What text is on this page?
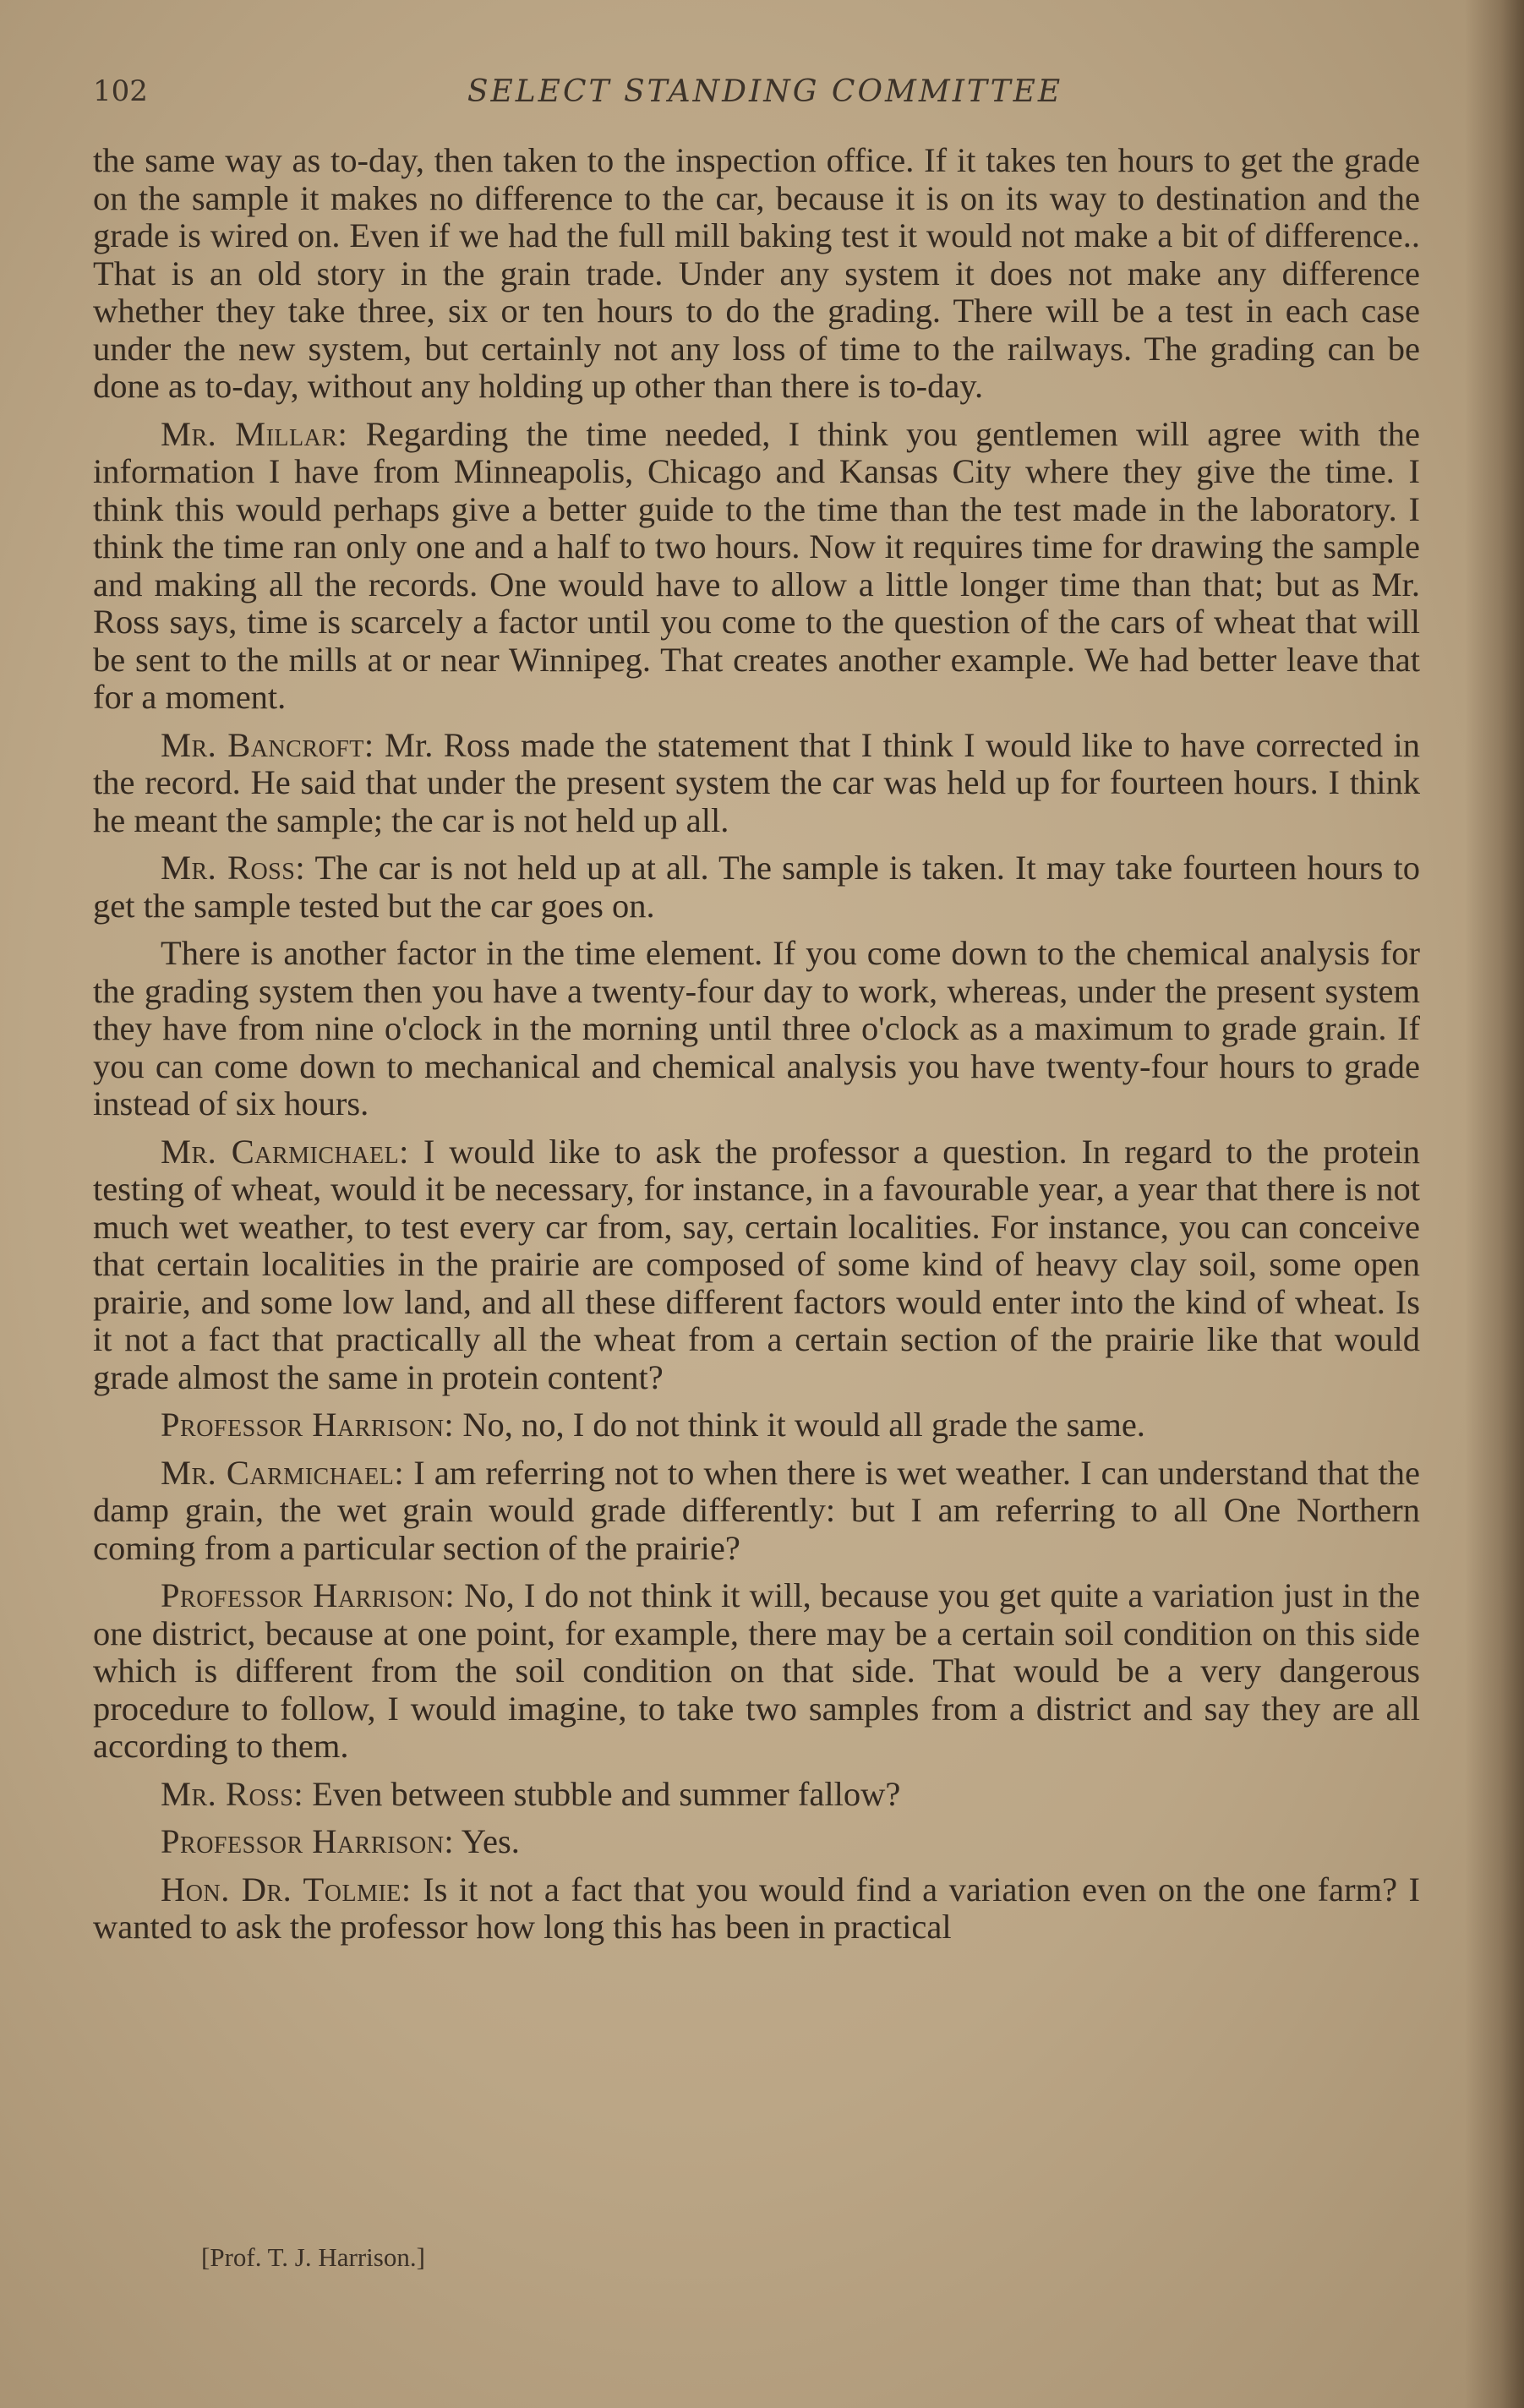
102	SELECT STANDING COMMITTEE

the same way as to-day, then taken to the inspection office. If it takes ten hours to get the grade on the sample it makes no difference to the car, because it is on its way to destination and the grade is wired on. Even if we had the full mill baking test it would not make a bit of difference.. That is an old story in the grain trade. Under any system it does not make any difference whether they take three, six or ten hours to do the grading. There will be a test in each case under the new system, but certainly not any loss of time to the railways. The grading can be done as to-day, without any holding up other than there is to-day.

Mr. Millar: Regarding the time needed, I think you gentlemen will agree with the information I have from Minneapolis, Chicago and Kansas City where they give the time. I think this would perhaps give a better guide to the time than the test made in the laboratory. I think the time ran only one and a half to two hours. Now it requires time for drawing the sample and making all the records. One would have to allow a little longer time than that; but as Mr. Ross says, time is scarcely a factor until you come to the question of the cars of wheat that will be sent to the mills at or near Winnipeg. That creates another example. We had better leave that for a moment.

Mr. Bancroft: Mr. Ross made the statement that I think I would like to have corrected in the record. He said that under the present system the car was held up for fourteen hours. I think he meant the sample; the car is not held up all.

Mr. Ross: The car is not held up at all. The sample is taken. It may take fourteen hours to get the sample tested but the car goes on.

There is another factor in the time element. If you come down to the chemical analysis for the grading system then you have a twenty-four day to work, whereas, under the present system they have from nine o'clock in the morning until three o'clock as a maximum to grade grain. If you can come down to mechanical and chemical analysis you have twenty-four hours to grade instead of six hours.

Mr. Carmichael: I would like to ask the professor a question. In regard to the protein testing of wheat, would it be necessary, for instance, in a favourable year, a year that there is not much wet weather, to test every car from, say, certain localities. For instance, you can conceive that certain localities in the prairie are composed of some kind of heavy clay soil, some open prairie, and some low land, and all these different factors would enter into the kind of wheat. Is it not a fact that practically all the wheat from a certain section of the prairie like that would grade almost the same in protein content?

Professor Harrison: No, no, I do not think it would all grade the same.

Mr. Carmichael: I am referring not to when there is wet weather. I can understand that the damp grain, the wet grain would grade differently: but I am referring to all One Northern coming from a particular section of the prairie?

Professor Harrison: No, I do not think it will, because you get quite a variation just in the one district, because at one point, for example, there may be a certain soil condition on this side which is different from the soil condition on that side. That would be a very dangerous procedure to follow, I would imagine, to take two samples from a district and say they are all according to them.

Mr. Ross: Even between stubble and summer fallow?

Professor Harrison: Yes.

Hon. Dr. Tolmie: Is it not a fact that you would find a variation even on the one farm? I wanted to ask the professor how long this has been in practical

[Prof. T. J. Harrison.]
